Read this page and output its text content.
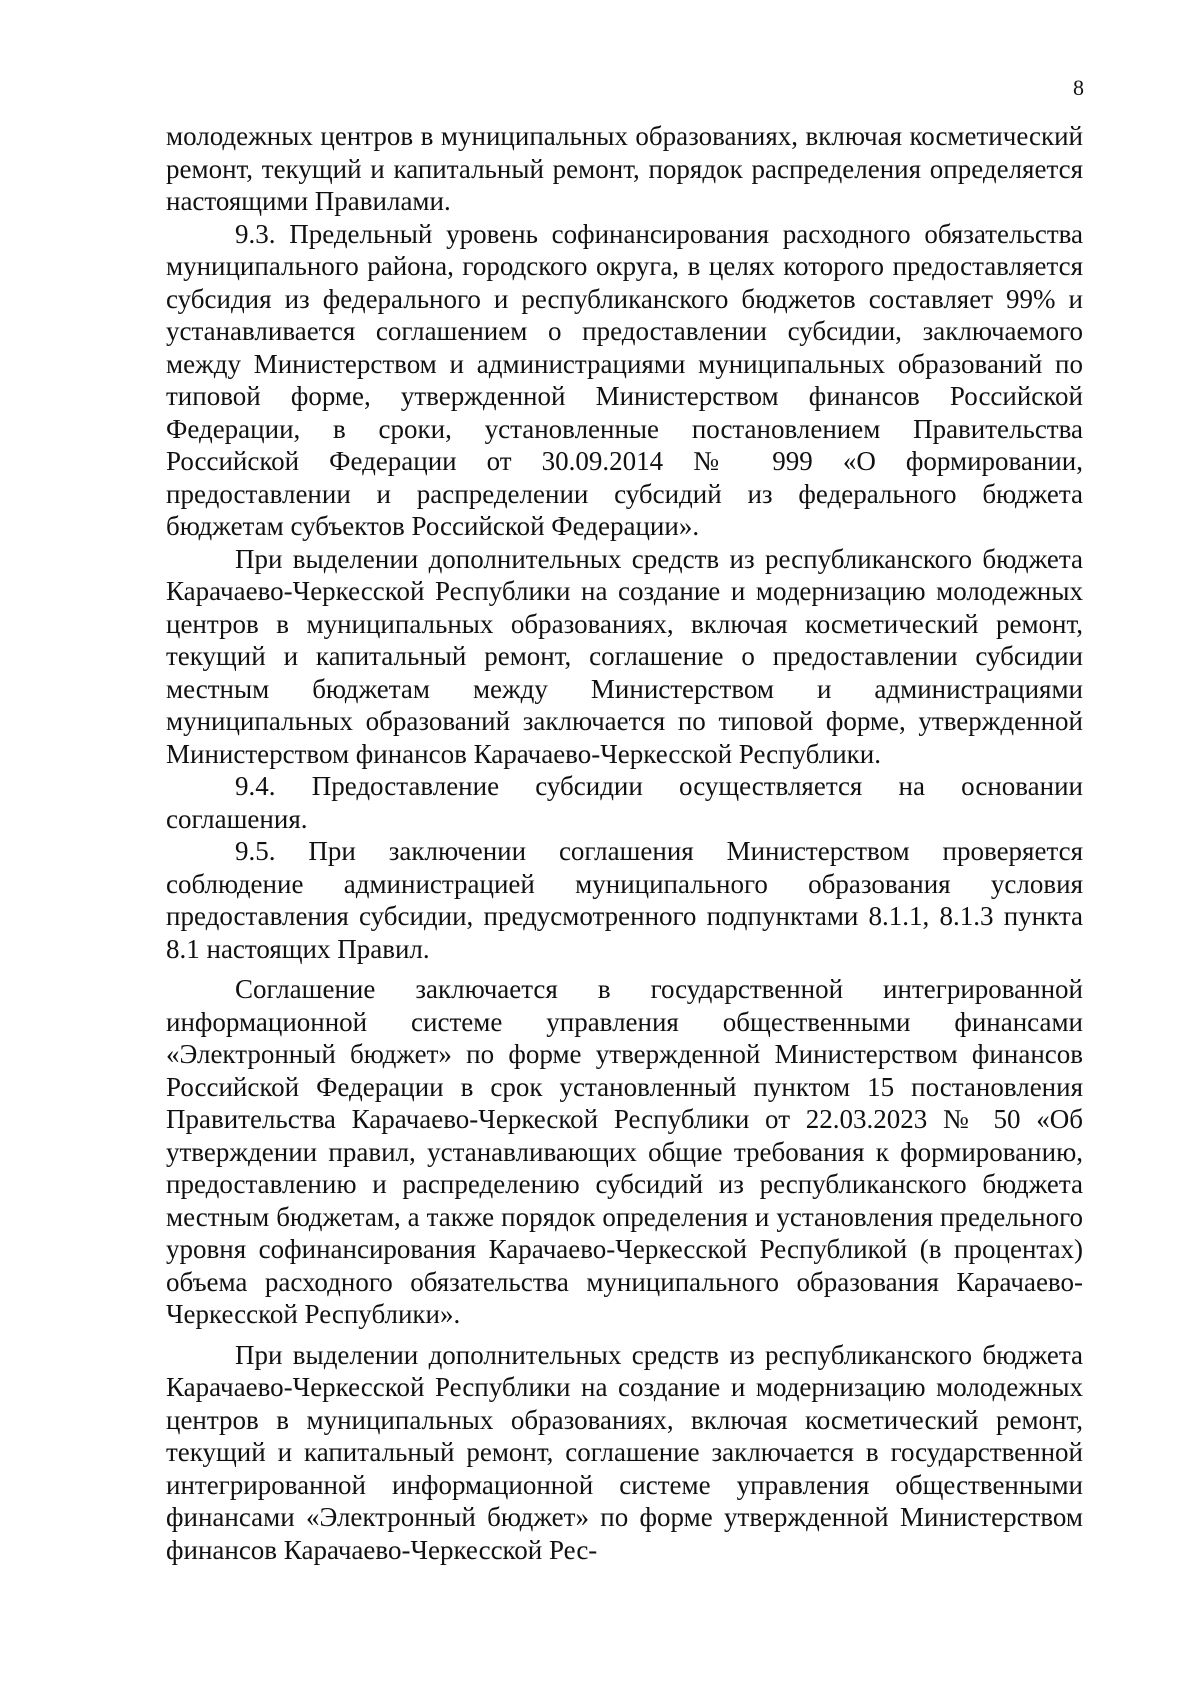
8

молодежных центров в муниципальных образованиях, включая косметический ремонт, текущий и капитальный ремонт, порядок распределения определяется настоящими Правилами.

9.3. Предельный уровень софинансирования расходного обязательства муниципального района, городского округа, в целях которого предоставляется субсидия из федерального и республиканского бюджетов составляет 99% и устанавливается соглашением о предоставлении субсидии, заключаемого между Министерством и администрациями муниципальных образований по типовой форме, утвержденной Министерством финансов Российской Федерации, в сроки, установленные постановлением Правительства Российской Федерации от 30.09.2014 № 999 «О формировании, предоставлении и распределении субсидий из федерального бюджета бюджетам субъектов Российской Федерации».

При выделении дополнительных средств из республиканского бюджета Карачаево-Черкесской Республики на создание и модернизацию молодежных центров в муниципальных образованиях, включая косметический ремонт, текущий и капитальный ремонт, соглашение о предоставлении субсидии местным бюджетам между Министерством и администрациями муниципальных образований заключается по типовой форме, утвержденной Министерством финансов Карачаево-Черкесской Республики.

9.4. Предоставление субсидии осуществляется на основании соглашения.

9.5. При заключении соглашения Министерством проверяется соблюдение администрацией муниципального образования условия предоставления субсидии, предусмотренного подпунктами 8.1.1, 8.1.3 пункта 8.1 настоящих Правил.

Соглашение заключается в государственной интегрированной информационной системе управления общественными финансами «Электронный бюджет» по форме утвержденной Министерством финансов Российской Федерации в срок установленный пунктом 15 постановления Правительства Карачаево-Черкеской Республики от 22.03.2023 № 50 «Об утверждении правил, устанавливающих общие требования к формированию, предоставлению и распределению субсидий из республиканского бюджета местным бюджетам, а также порядок определения и установления предельного уровня софинансирования Карачаево-Черкесской Республикой (в процентах) объема расходного обязательства муниципального образования Карачаево-Черкесской Республики».

При выделении дополнительных средств из республиканского бюджета Карачаево-Черкесской Республики на создание и модернизацию молодежных центров в муниципальных образованиях, включая косметический ремонт, текущий и капитальный ремонт, соглашение заключается в государственной интегрированной информационной системе управления общественными финансами «Электронный бюджет» по форме утвержденной Министерством финансов Карачаево-Черкесской Рес-
